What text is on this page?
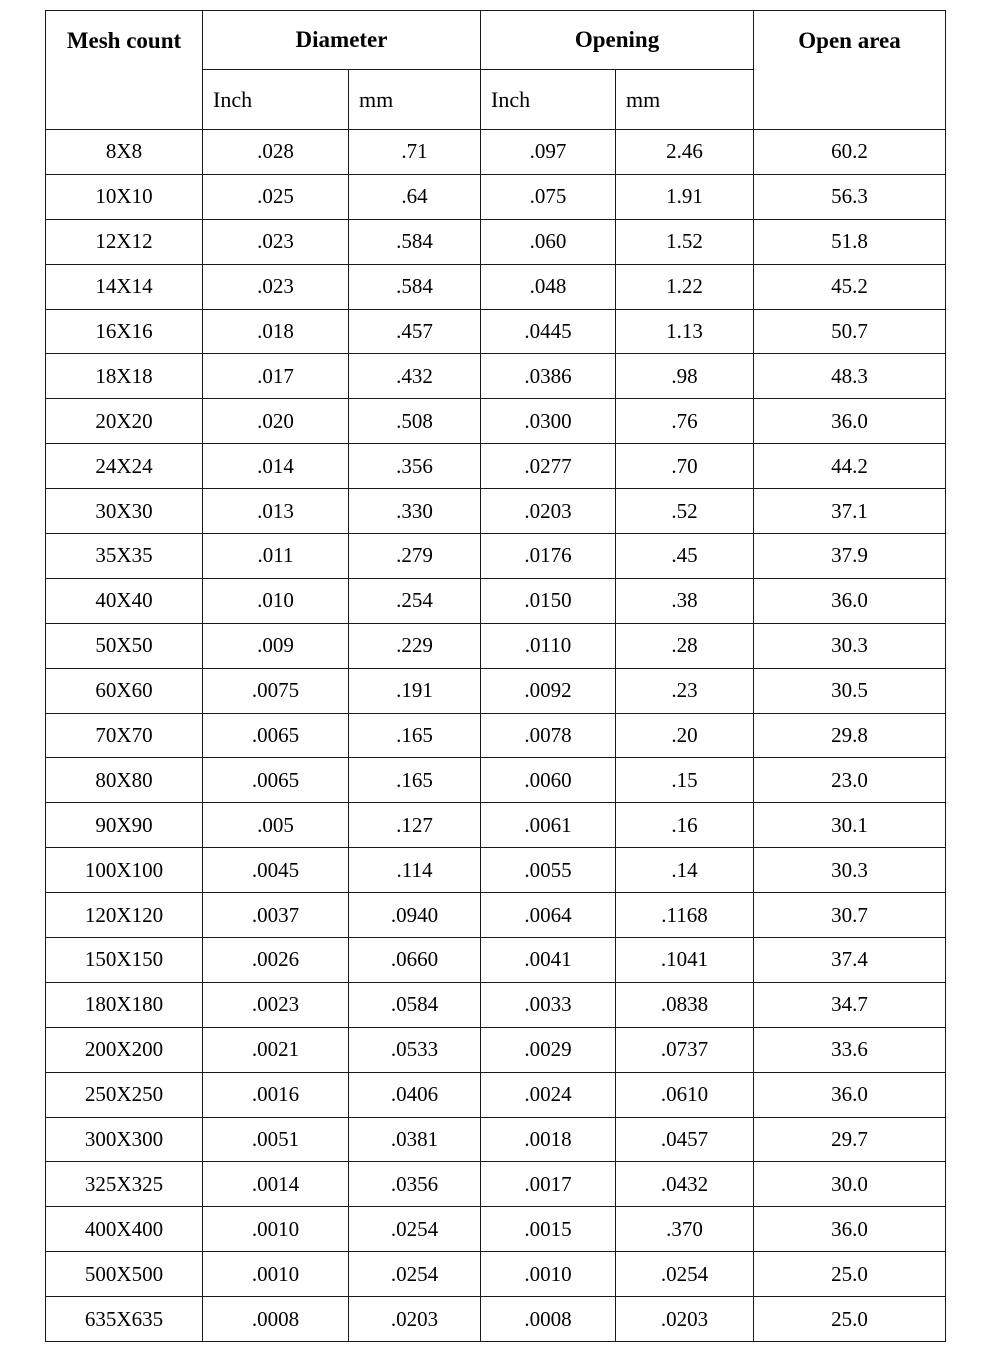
Mesh count	Diameter		Opening		Open area
	Inch	mm	Inch	mm	
8X8	.028	.71	.097	2.46	60.2
10X10	.025	.64	.075	1.91	56.3
12X12	.023	.584	.060	1.52	51.8
14X14	.023	.584	.048	1.22	45.2
16X16	.018	.457	.0445	1.13	50.7
18X18	.017	.432	.0386	.98	48.3
20X20	.020	.508	.0300	.76	36.0
24X24	.014	.356	.0277	.70	44.2
30X30	.013	.330	.0203	.52	37.1
35X35	.011	.279	.0176	.45	37.9
40X40	.010	.254	.0150	.38	36.0
50X50	.009	.229	.0110	.28	30.3
60X60	.0075	.191	.0092	.23	30.5
70X70	.0065	.165	.0078	.20	29.8
80X80	.0065	.165	.0060	.15	23.0
90X90	.005	.127	.0061	.16	30.1
100X100	.0045	.114	.0055	.14	30.3
120X120	.0037	.0940	.0064	.1168	30.7
150X150	.0026	.0660	.0041	.1041	37.4
180X180	.0023	.0584	.0033	.0838	34.7
200X200	.0021	.0533	.0029	.0737	33.6
250X250	.0016	.0406	.0024	.0610	36.0
300X300	.0051	.0381	.0018	.0457	29.7
325X325	.0014	.0356	.0017	.0432	30.0
400X400	.0010	.0254	.0015	.370	36.0
500X500	.0010	.0254	.0010	.0254	25.0
635X635	.0008	.0203	.0008	.0203	25.0
